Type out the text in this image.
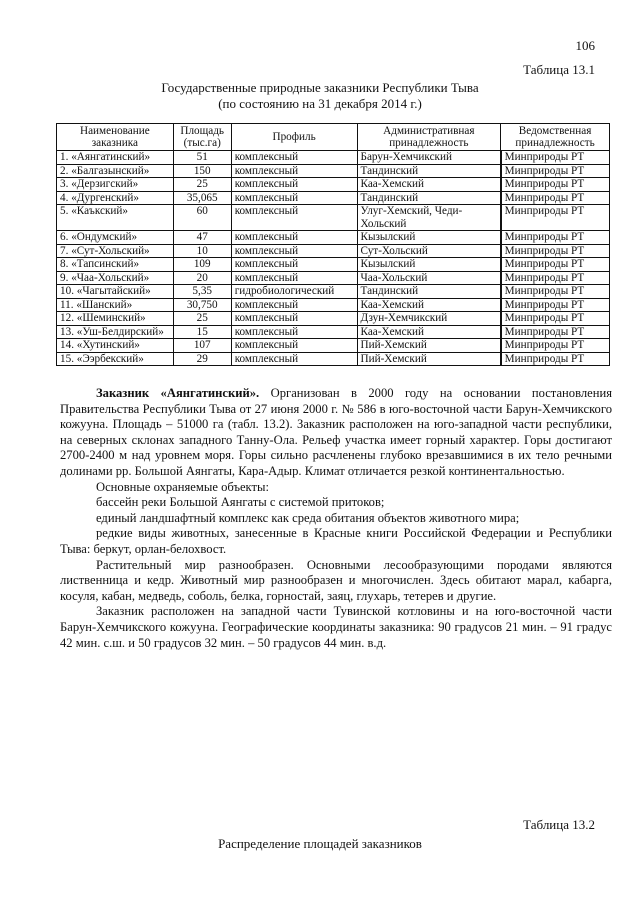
106
Таблица 13.1
Государственные природные заказники Республики Тыва
(по состоянию на 31 декабря 2014 г.)
Наименование заказника	Площадь (тыс.га)	Профиль	Административная принадлежность	Ведомственная принадлежность
1. «Аянгатинский»	51	комплексный	Барун-Хемчикский	Минприроды РТ
2. «Балгазынский»	150	комплексный	Тандинский	Минприроды РТ
3. «Дерзигский»	25	комплексный	Каа-Хемский	Минприроды РТ
4. «Дургенский»	35,065	комплексный	Тандинский	Минприроды РТ
5. «Каъкский»	60	комплексный	Улуг-Хемский, Чеди-Хольский	Минприроды РТ
6. «Ондумский»	47	комплексный	Кызылский	Минприроды РТ
7. «Сут-Хольский»	10	комплексный	Сут-Хольский	Минприроды РТ
8. «Тапсинский»	109	комплексный	Кызылский	Минприроды РТ
9. «Чаа-Хольский»	20	комплексный	Чаа-Хольский	Минприроды РТ
10. «Чагытайский»	5,35	гидробиологический	Тандинский	Минприроды РТ
11. «Шанский»	30,750	комплексный	Каа-Хемский	Минприроды РТ
12. «Шеминский»	25	комплексный	Дзун-Хемчикский	Минприроды РТ
13. «Уш-Белдирский»	15	комплексный	Каа-Хемский	Минприроды РТ
14. «Хутинский»	107	комплексный	Пий-Хемский	Минприроды РТ
15. «Ээрбекский»	29	комплексный	Пий-Хемский	Минприроды РТ

Заказник «Аянгатинский». Организован в 2000 году на основании постановления Правительства Республики Тыва от 27 июня 2000 г. № 586 в юго-восточной части Барун-Хемчикского кожууна. Площадь – 51000 га (табл. 13.2). Заказник расположен на юго-западной части республики, на северных склонах западного Танну-Ола. Рельеф участка имеет горный характер. Горы достигают 2700-2400 м над уровнем моря. Горы сильно расчленены глубоко врезавшимися в их тело речными долинами рр. Большой Аянгаты, Кара-Адыр. Климат отличается резкой континентальностью.

Основные охраняемые объекты:

бассейн реки Большой Аянгаты с системой притоков;

единый ландшафтный комплекс как среда обитания объектов животного мира;

редкие виды животных, занесенные в Красные книги Российской Федерации и Республики Тыва: беркут, орлан-белохвост.

Растительный мир разнообразен. Основными лесообразующими породами являются лиственница и кедр. Животный мир разнообразен и многочислен. Здесь обитают марал, кабарга, косуля, кабан, медведь, соболь, белка, горностай, заяц, глухарь, тетерев и другие.

Заказник расположен на западной части Тувинской котловины и на юго-восточной части Барун-Хемчикского кожууна. Географические координаты заказника: 90 градусов 21 мин. – 91 градус 42 мин. с.ш. и 50 градусов 32 мин. – 50 градусов 44 мин. в.д.

Таблица 13.2
Распределение площадей заказников
